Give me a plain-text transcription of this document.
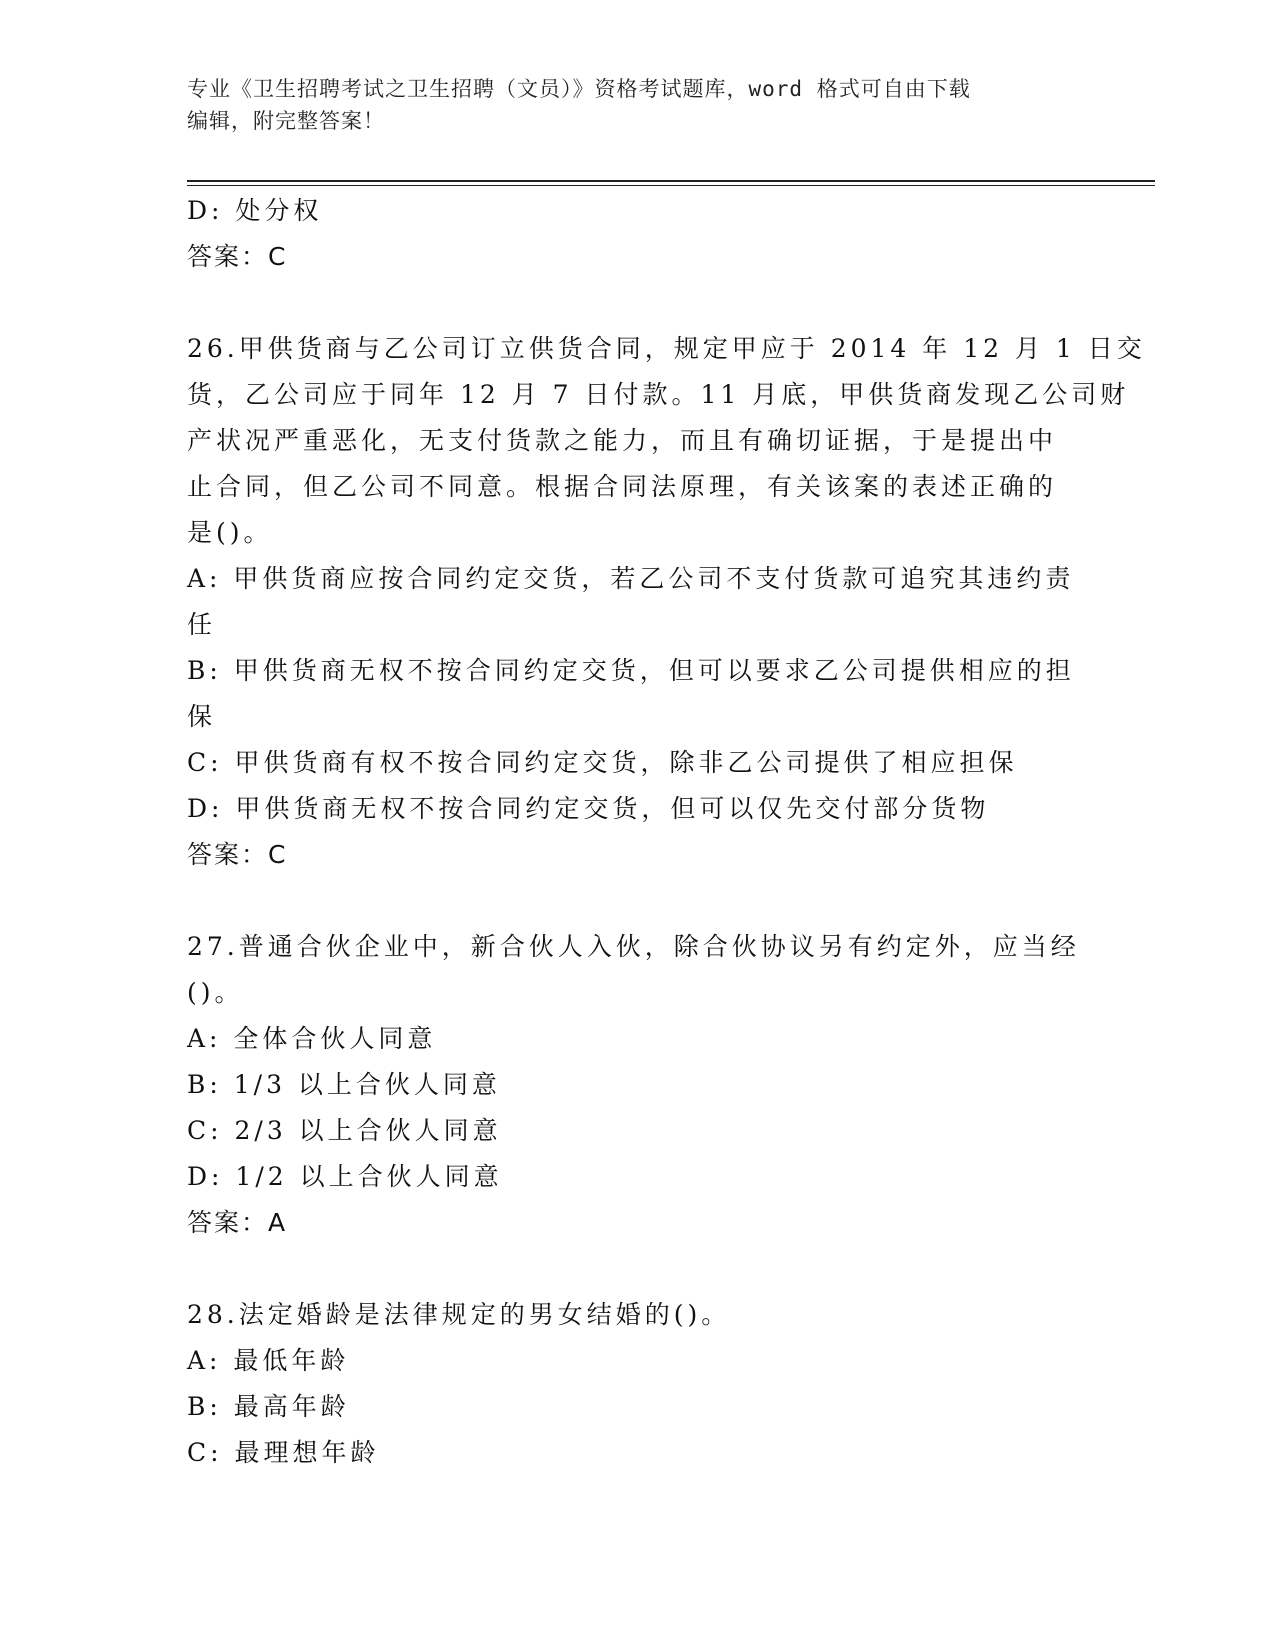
专业《卫生招聘考试之卫生招聘（文员）》资格考试题库，word 格式可自由下载
编辑，附完整答案！
D: 处分权
答案：C
26.甲供货商与乙公司订立供货合同，规定甲应于 2014 年 12 月 1 日交
货，乙公司应于同年 12 月 7 日付款。11 月底，甲供货商发现乙公司财
产状况严重恶化，无支付货款之能力，而且有确切证据，于是提出中
止合同，但乙公司不同意。根据合同法原理，有关该案的表述正确的
是()。
A: 甲供货商应按合同约定交货，若乙公司不支付货款可追究其违约责
任
B: 甲供货商无权不按合同约定交货，但可以要求乙公司提供相应的担
保
C: 甲供货商有权不按合同约定交货，除非乙公司提供了相应担保
D: 甲供货商无权不按合同约定交货，但可以仅先交付部分货物
答案：C
27.普通合伙企业中，新合伙人入伙，除合伙协议另有约定外，应当经
()。
A: 全体合伙人同意
B: 1/3 以上合伙人同意
C: 2/3 以上合伙人同意
D: 1/2 以上合伙人同意
答案：A
28.法定婚龄是法律规定的男女结婚的()。
A: 最低年龄
B: 最高年龄
C: 最理想年龄
